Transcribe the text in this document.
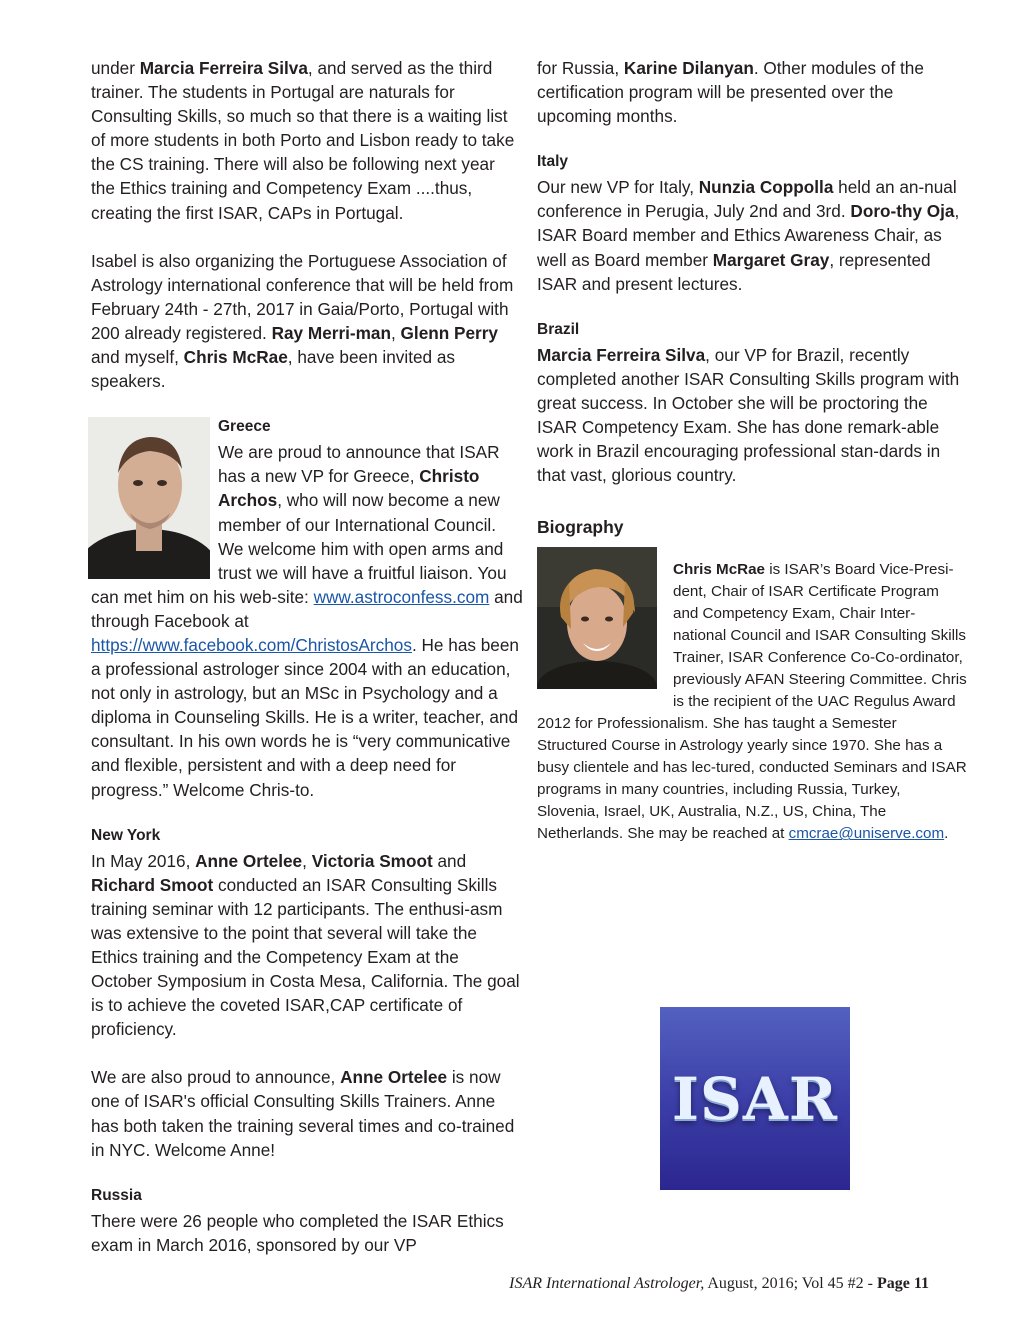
under Marcia Ferreira Silva, and served as the third trainer. The students in Portugal are naturals for Consulting Skills, so much so that there is a waiting list of more students in both Porto and Lisbon ready to take the CS training. There will also be following next year the Ethics training and Competency Exam ....thus, creating the first ISAR, CAPs in Portugal.

Isabel is also organizing the Portuguese Association of Astrology international conference that will be held from February 24th - 27th, 2017 in Gaia/Porto, Portugal with 200 already registered. Ray Merri-man, Glenn Perry and myself, Chris McRae, have been invited as speakers.

Greece

We are proud to announce that ISAR has a new VP for Greece, Christo Archos, who will now become a new member of our International Council. We welcome him with open arms and trust we will have a fruitful liaison. You can met him on his web-site: www.astroconfess.com and through Facebook at https://www.facebook.com/ChristosArchos. He has been a professional astrologer since 2004 with an education, not only in astrology, but an MSc in Psychology and a diploma in Counseling Skills. He is a writer, teacher, and consultant. In his own words he is “very communicative and flexible, persistent and with a deep need for progress.” Welcome Chris-to.

New York

In May 2016, Anne Ortelee, Victoria Smoot and Richard Smoot conducted an ISAR Consulting Skills training seminar with 12 participants. The enthusi-asm was extensive to the point that several will take the Ethics training and the Competency Exam at the October Symposium in Costa Mesa, California. The goal is to achieve the coveted ISAR,CAP certificate of proficiency.

We are also proud to announce, Anne Ortelee is now one of ISAR's official Consulting Skills Trainers. Anne has both taken the training several times and co-trained in NYC. Welcome Anne!

Russia

There were 26 people who completed the ISAR Ethics exam in March 2016, sponsored by our VP

for Russia, Karine Dilanyan. Other modules of the certification program will be presented over the upcoming months.

Italy

Our new VP for Italy, Nunzia Coppolla held an an-nual conference in Perugia, July 2nd and 3rd. Doro-thy Oja, ISAR Board member and Ethics Awareness Chair, as well as Board member Margaret Gray, represented ISAR and present lectures.

Brazil

Marcia Ferreira Silva, our VP for Brazil, recently completed another ISAR Consulting Skills program with great success. In October she will be proctoring the ISAR Competency Exam. She has done remark-able work in Brazil encouraging professional stan-dards in that vast, glorious country.

Biography

Chris McRae is ISAR’s Board Vice-Presi-dent, Chair of ISAR Certificate Program and Competency Exam, Chair Inter-national Council and ISAR Consulting Skills Trainer, ISAR Conference Co-Co-ordinator, previously AFAN Steering Committee. Chris is the recipient of the UAC Regulus Award 2012 for Professionalism. She has taught a Semester Structured Course in Astrology yearly since 1970. She has a busy clientele and has lec-tured, conducted Seminars and ISAR programs in many countries, including Russia, Turkey, Slovenia, Israel, UK, Australia, N.Z., US, China, The Netherlands. She may be reached at cmcrae@uniserve.com.

ISAR
ISAR International Astrologer, August, 2016; Vol 45 #2 - Page 11
